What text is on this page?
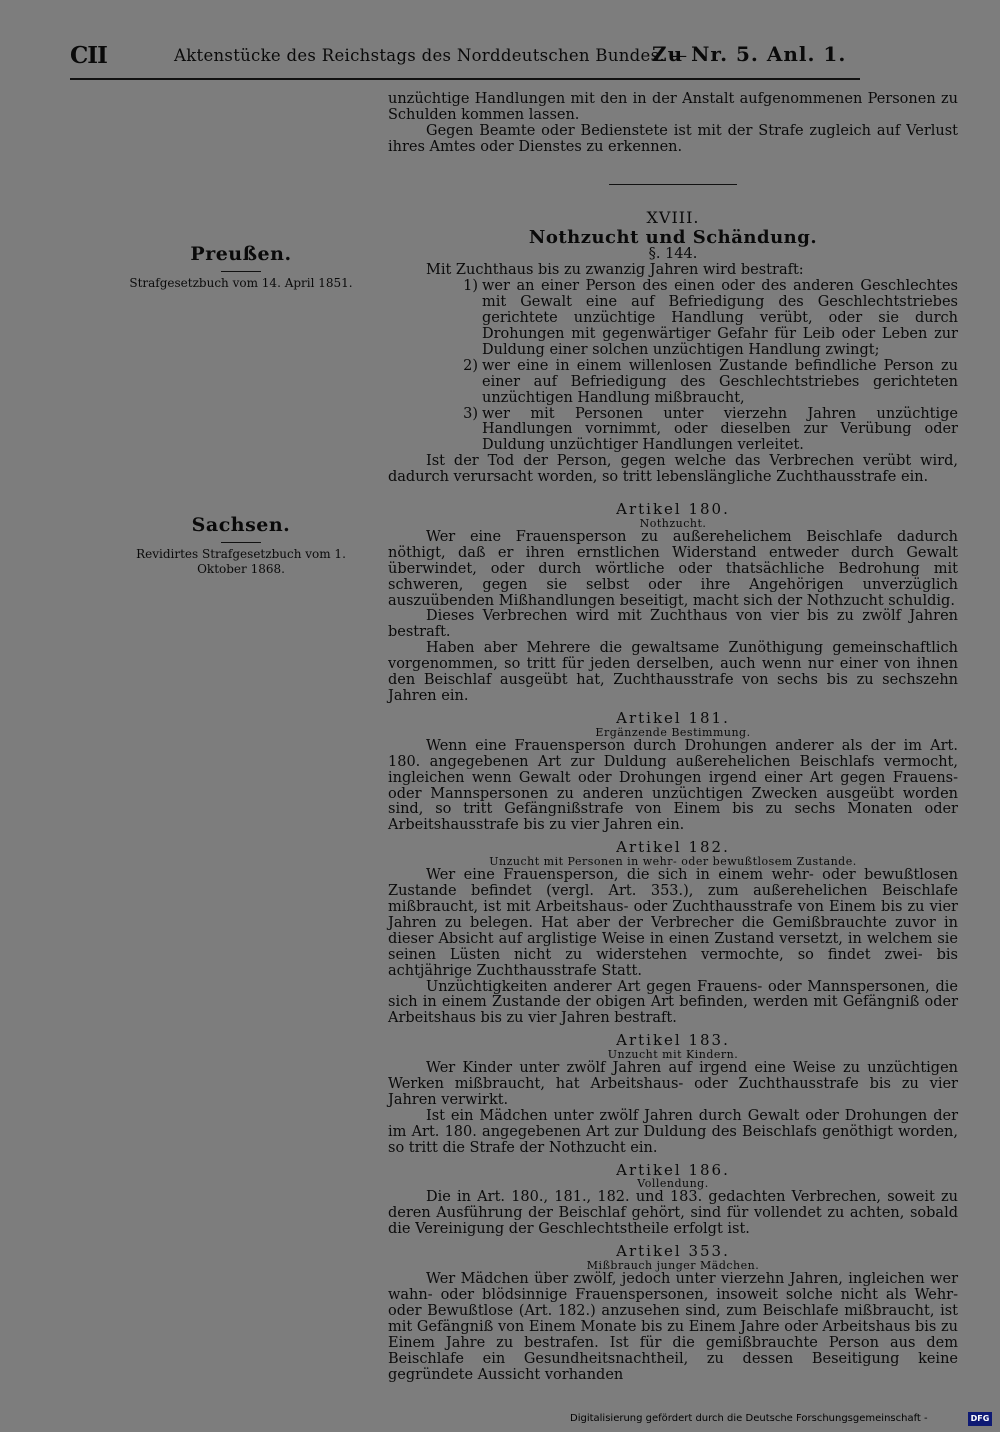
CII	Aktenstücke des Reichstags des Norddeutschen Bundes. —
Zu Nr. 5. Anl. 1.
Preußen.
Strafgesetzbuch vom 14. April 1851.
Sachsen.
Revidirtes Strafgesetzbuch vom 1. Oktober 1868.

unzüchtige Handlungen mit den in der Anstalt aufgenommenen Personen zu Schulden kommen lassen.

Gegen Beamte oder Bedienstete ist mit der Strafe zugleich auf Verlust ihres Amtes oder Dienstes zu erkennen.

XVIII.
Nothzucht und Schändung.
§. 144.

Mit Zuchthaus bis zu zwanzig Jahren wird bestraft:

1) wer an einer Person des einen oder des anderen Geschlechtes mit Gewalt eine auf Befriedigung des Geschlechtstriebes gerichtete unzüchtige Handlung verübt, oder sie durch Drohungen mit gegenwärtiger Gefahr für Leib oder Leben zur Duldung einer solchen unzüchtigen Handlung zwingt;
2) wer eine in einem willenlosen Zustande befindliche Person zu einer auf Befriedigung des Geschlechtstriebes gerichteten unzüchtigen Handlung mißbraucht,
3) wer mit Personen unter vierzehn Jahren unzüchtige Handlungen vornimmt, oder dieselben zur Verübung oder Duldung unzüchtiger Handlungen verleitet.

Ist der Tod der Person, gegen welche das Verbrechen verübt wird, dadurch verursacht worden, so tritt lebenslängliche Zuchthausstrafe ein.

Artikel 180.
Nothzucht.

Wer eine Frauensperson zu außerehelichem Beischlafe dadurch nöthigt, daß er ihren ernstlichen Widerstand entweder durch Gewalt überwindet, oder durch wörtliche oder thatsächliche Bedrohung mit schweren, gegen sie selbst oder ihre Angehörigen unverzüglich auszuübenden Mißhandlungen beseitigt, macht sich der Nothzucht schuldig.

Dieses Verbrechen wird mit Zuchthaus von vier bis zu zwölf Jahren bestraft.

Haben aber Mehrere die gewaltsame Zunöthigung gemeinschaftlich vorgenommen, so tritt für jeden derselben, auch wenn nur einer von ihnen den Beischlaf ausgeübt hat, Zuchthausstrafe von sechs bis zu sechszehn Jahren ein.

Artikel 181.
Ergänzende Bestimmung.

Wenn eine Frauensperson durch Drohungen anderer als der im Art. 180. angegebenen Art zur Duldung außerehelichen Beischlafs vermocht, ingleichen wenn Gewalt oder Drohungen irgend einer Art gegen Frauens- oder Mannspersonen zu anderen unzüchtigen Zwecken ausgeübt worden sind, so tritt Gefängnißstrafe von Einem bis zu sechs Monaten oder Arbeitshausstrafe bis zu vier Jahren ein.

Artikel 182.
Unzucht mit Personen in wehr- oder bewußtlosem Zustande.

Wer eine Frauensperson, die sich in einem wehr- oder bewußtlosen Zustande befindet (vergl. Art. 353.), zum außerehelichen Beischlafe mißbraucht, ist mit Arbeitshaus- oder Zuchthausstrafe von Einem bis zu vier Jahren zu belegen. Hat aber der Verbrecher die Gemißbrauchte zuvor in dieser Absicht auf arglistige Weise in einen Zustand versetzt, in welchem sie seinen Lüsten nicht zu widerstehen vermochte, so findet zwei- bis achtjährige Zuchthausstrafe Statt.

Unzüchtigkeiten anderer Art gegen Frauens- oder Mannspersonen, die sich in einem Zustande der obigen Art befinden, werden mit Gefängniß oder Arbeitshaus bis zu vier Jahren bestraft.

Artikel 183.
Unzucht mit Kindern.

Wer Kinder unter zwölf Jahren auf irgend eine Weise zu unzüchtigen Werken mißbraucht, hat Arbeitshaus- oder Zuchthausstrafe bis zu vier Jahren verwirkt.

Ist ein Mädchen unter zwölf Jahren durch Gewalt oder Drohungen der im Art. 180. angegebenen Art zur Duldung des Beischlafs genöthigt worden, so tritt die Strafe der Nothzucht ein.

Artikel 186.
Vollendung.

Die in Art. 180., 181., 182. und 183. gedachten Verbrechen, soweit zu deren Ausführung der Beischlaf gehört, sind für vollendet zu achten, sobald die Vereinigung der Geschlechtstheile erfolgt ist.

Artikel 353.
Mißbrauch junger Mädchen.

Wer Mädchen über zwölf, jedoch unter vierzehn Jahren, ingleichen wer wahn- oder blödsinnige Frauenspersonen, insoweit solche nicht als Wehr- oder Bewußtlose (Art. 182.) anzusehen sind, zum Beischlafe mißbraucht, ist mit Gefängniß von Einem Monate bis zu Einem Jahre oder Arbeitshaus bis zu Einem Jahre zu bestrafen. Ist für die gemißbrauchte Person aus dem Beischlafe ein Gesundheitsnachtheil, zu dessen Beseitigung keine gegründete Aussicht vorhanden

Digitalisierung gefördert durch die Deutsche Forschungsgemeinschaft -	DFG
